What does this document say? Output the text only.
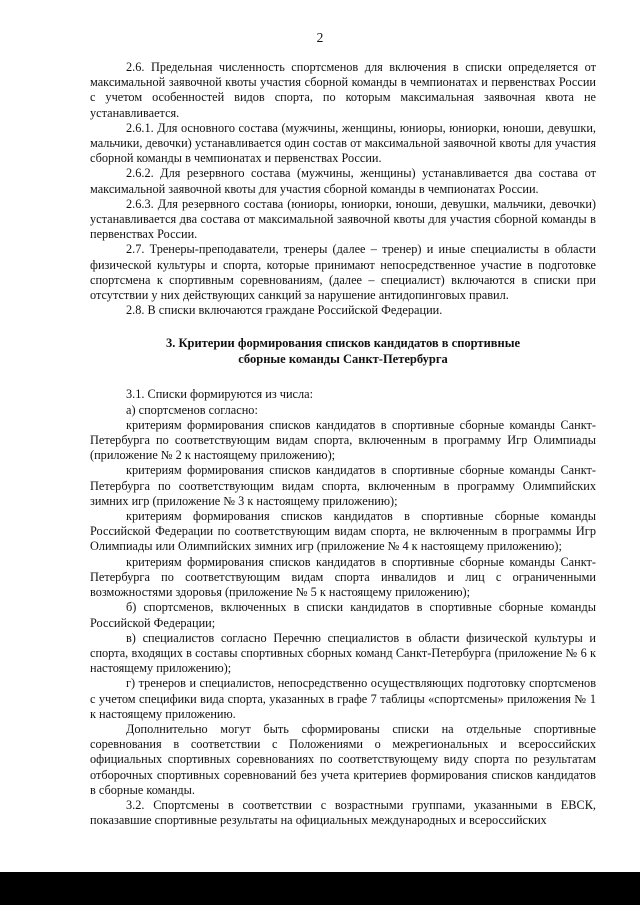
2

2.6. Предельная численность спортсменов для включения в списки определяется от максимальной заявочной квоты участия сборной команды в чемпионатах и первенствах России с учетом особенностей видов спорта, по которым максимальная заявочная квота не устанавливается.

2.6.1. Для основного состава (мужчины, женщины, юниоры, юниорки, юноши, девушки, мальчики, девочки) устанавливается один состав от максимальной заявочной квоты для участия сборной команды в чемпионатах и первенствах России.

2.6.2. Для резервного состава (мужчины, женщины) устанавливается два состава от максимальной заявочной квоты для участия сборной команды в чемпионатах России.

2.6.3. Для резервного состава (юниоры, юниорки, юноши, девушки, мальчики, девочки) устанавливается два состава от максимальной заявочной квоты для участия сборной команды в первенствах России.

2.7. Тренеры-преподаватели, тренеры (далее – тренер) и иные специалисты в области физической культуры и спорта, которые принимают непосредственное участие в подготовке спортсмена к спортивным соревнованиям, (далее – специалист) включаются в списки при отсутствии у них действующих санкций за нарушение антидопинговых правил.

2.8. В списки включаются граждане Российской Федерации.

3. Критерии формирования списков кандидатов в спортивные
сборные команды Санкт-Петербурга

3.1. Списки формируются из числа:

а) спортсменов согласно:

критериям формирования списков кандидатов в спортивные сборные команды Санкт-Петербурга по соответствующим видам спорта, включенным в программу Игр Олимпиады (приложение № 2 к настоящему приложению);

критериям формирования списков кандидатов в спортивные сборные команды Санкт-Петербурга по соответствующим видам спорта, включенным в программу Олимпийских зимних игр (приложение № 3 к настоящему приложению);

критериям формирования списков кандидатов в спортивные сборные команды Российской Федерации по соответствующим видам спорта, не включенным в программы Игр Олимпиады или Олимпийских зимних игр (приложение № 4 к настоящему приложению);

критериям формирования списков кандидатов в спортивные сборные команды Санкт-Петербурга по соответствующим видам спорта инвалидов и лиц с ограниченными возможностями здоровья (приложение № 5 к настоящему приложению);

б) спортсменов, включенных в списки кандидатов в спортивные сборные команды Российской Федерации;

в) специалистов согласно Перечню специалистов в области физической культуры и спорта, входящих в составы спортивных сборных команд Санкт-Петербурга (приложение № 6 к настоящему приложению);

г) тренеров и специалистов, непосредственно осуществляющих подготовку спортсменов с учетом специфики вида спорта, указанных в графе 7 таблицы «спортсмены» приложения № 1 к настоящему приложению.

Дополнительно могут быть сформированы списки на отдельные спортивные соревнования в соответствии с Положениями о межрегиональных и всероссийских официальных спортивных соревнованиях по соответствующему виду спорта по результатам отборочных спортивных соревнований без учета критериев формирования списков кандидатов в сборные команды.

3.2. Спортсмены в соответствии с возрастными группами, указанными в ЕВСК, показавшие спортивные результаты на официальных международных и всероссийских
